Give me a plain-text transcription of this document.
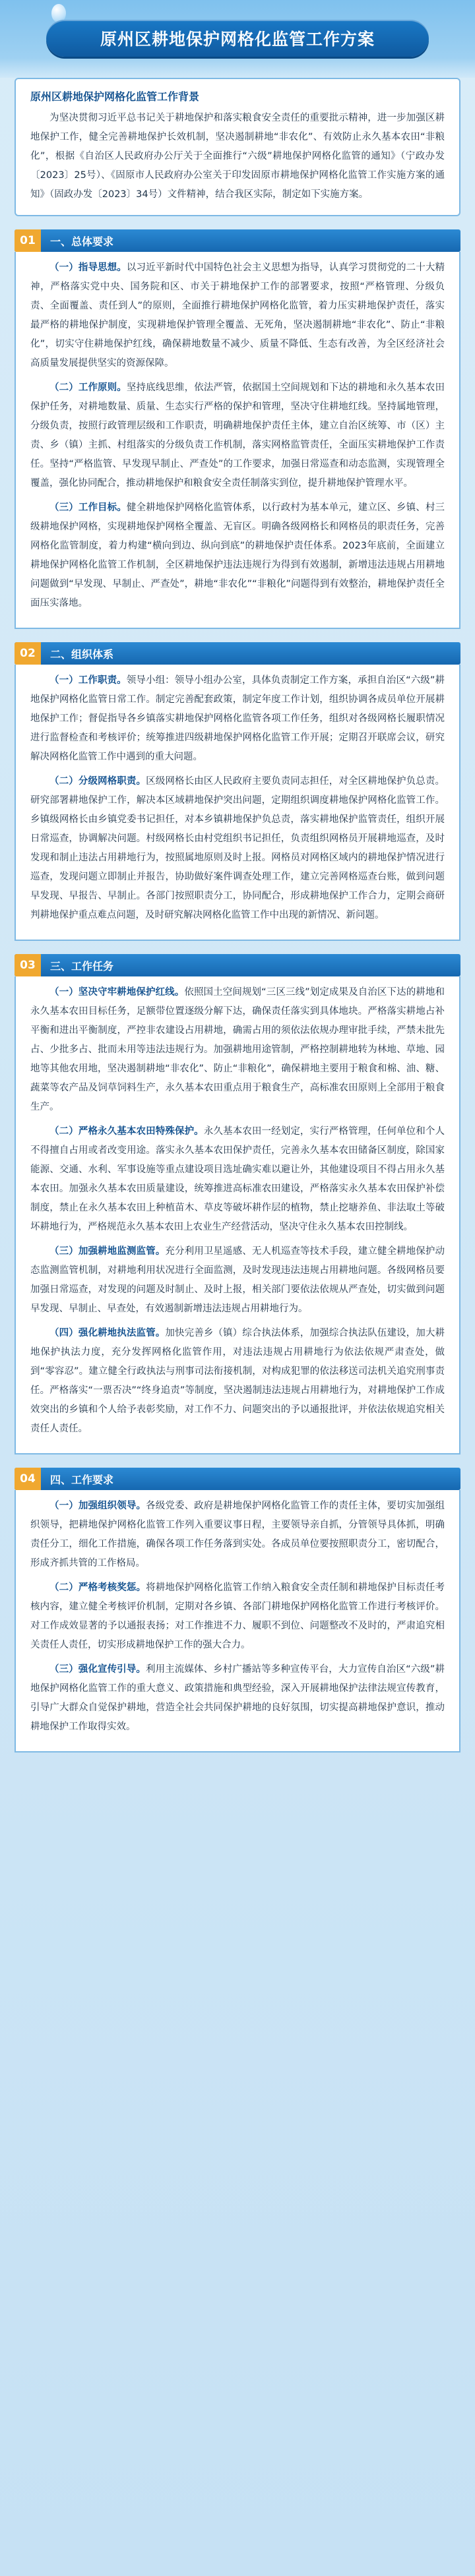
原州区耕地保护网格化监管工作方案
原州区耕地保护网格化监管工作背景
为坚决贯彻习近平总书记关于耕地保护和落实粮食安全责任的重要批示精神，进一步加强区耕地保护工作，健全完善耕地保护长效机制，坚决遏制耕地“非农化”、有效防止永久基本农田“非粮化”，根据《自治区人民政府办公厅关于全面推行“六级”耕地保护网格化监管的通知》（宁政办发〔2023〕25号）、《固原市人民政府办公室关于印发固原市耕地保护网格化监管工作实施方案的通知》（固政办发〔2023〕34号）文件精神，结合我区实际，制定如下实施方案。
01	一、总体要求

（一）指导思想。以习近平新时代中国特色社会主义思想为指导，认真学习贯彻党的二十大精神，严格落实党中央、国务院和区、市关于耕地保护工作的部署要求，按照“严格管理、分级负责、全面覆盖、责任到人”的原则，全面推行耕地保护网格化监管，着力压实耕地保护责任，落实最严格的耕地保护制度，实现耕地保护管理全覆盖、无死角，坚决遏制耕地“非农化”、防止“非粮化”，切实守住耕地保护红线，确保耕地数量不减少、质量不降低、生态有改善，为全区经济社会高质量发展提供坚实的资源保障。

（二）工作原则。坚持底线思维，依法严管，依据国土空间规划和下达的耕地和永久基本农田保护任务，对耕地数量、质量、生态实行严格的保护和管理，坚决守住耕地红线。坚持属地管理，分级负责，按照行政管理层级和工作职责，明确耕地保护责任主体，建立自治区统筹、市（区）主责、乡（镇）主抓、村组落实的分级负责工作机制，落实网格监管责任，全面压实耕地保护工作责任。坚持“严格监管、早发现早制止、严查处”的工作要求，加强日常巡查和动态监测，实现管理全覆盖，强化协同配合，推动耕地保护和粮食安全责任制落实到位，提升耕地保护管理水平。

（三）工作目标。健全耕地保护网格化监管体系，以行政村为基本单元，建立区、乡镇、村三级耕地保护网格，实现耕地保护网格全覆盖、无盲区。明确各级网格长和网格员的职责任务，完善网格化监管制度，着力构建“横向到边、纵向到底”的耕地保护责任体系。2023年底前，全面建立耕地保护网格化监管工作机制，全区耕地保护违法违规行为得到有效遏制，新增违法违规占用耕地问题做到“早发现、早制止、严查处”，耕地“非农化”“非粮化”问题得到有效整治，耕地保护责任全面压实落地。

02	二、组织体系

（一）工作职责。领导小组：领导小组办公室，具体负责制定工作方案，承担自治区“六级”耕地保护网格化监管日常工作。制定完善配套政策，制定年度工作计划，组织协调各成员单位开展耕地保护工作；督促指导各乡镇落实耕地保护网格化监管各项工作任务，组织对各级网格长履职情况进行监督检查和考核评价；统筹推进四级耕地保护网格化监管工作开展；定期召开联席会议，研究解决网格化监管工作中遇到的重大问题。

（二）分级网格职责。区级网格长由区人民政府主要负责同志担任，对全区耕地保护负总责。研究部署耕地保护工作，解决本区域耕地保护突出问题，定期组织调度耕地保护网格化监管工作。乡镇级网格长由乡镇党委书记担任，对本乡镇耕地保护负总责，落实耕地保护监管责任，组织开展日常巡查，协调解决问题。村级网格长由村党组织书记担任，负责组织网格员开展耕地巡查，及时发现和制止违法占用耕地行为，按照属地原则及时上报。网格员对网格区域内的耕地保护情况进行巡查，发现问题立即制止并报告，协助做好案件调查处理工作，建立完善网格巡查台账，做到问题早发现、早报告、早制止。各部门按照职责分工，协同配合，形成耕地保护工作合力，定期会商研判耕地保护重点难点问题，及时研究解决网格化监管工作中出现的新情况、新问题。

03	三、工作任务

（一）坚决守牢耕地保护红线。依照国土空间规划“三区三线”划定成果及自治区下达的耕地和永久基本农田目标任务，足额带位置逐级分解下达，确保责任落实到具体地块。严格落实耕地占补平衡和进出平衡制度，严控非农建设占用耕地，确需占用的须依法依规办理审批手续，严禁未批先占、少批多占、批而未用等违法违规行为。加强耕地用途管制，严格控制耕地转为林地、草地、园地等其他农用地，坚决遏制耕地“非农化”、防止“非粮化”，确保耕地主要用于粮食和棉、油、糖、蔬菜等农产品及饲草饲料生产，永久基本农田重点用于粮食生产，高标准农田原则上全部用于粮食生产。

（二）严格永久基本农田特殊保护。永久基本农田一经划定，实行严格管理，任何单位和个人不得擅自占用或者改变用途。落实永久基本农田保护责任，完善永久基本农田储备区制度，除国家能源、交通、水利、军事设施等重点建设项目选址确实难以避让外，其他建设项目不得占用永久基本农田。加强永久基本农田质量建设，统筹推进高标准农田建设，严格落实永久基本农田保护补偿制度，禁止在永久基本农田上种植苗木、草皮等破坏耕作层的植物，禁止挖塘养鱼、非法取土等破坏耕地行为，严格规范永久基本农田上农业生产经营活动，坚决守住永久基本农田控制线。

（三）加强耕地监测监管。充分利用卫星遥感、无人机巡查等技术手段，建立健全耕地保护动态监测监管机制，对耕地利用状况进行全面监测，及时发现违法违规占用耕地问题。各级网格员要加强日常巡查，对发现的问题及时制止、及时上报，相关部门要依法依规从严查处，切实做到问题早发现、早制止、早查处，有效遏制新增违法违规占用耕地行为。

（四）强化耕地执法监管。加快完善乡（镇）综合执法体系，加强综合执法队伍建设，加大耕地保护执法力度，充分发挥网格化监管作用，对违法违规占用耕地行为依法依规严肃查处，做到“零容忍”。建立健全行政执法与刑事司法衔接机制，对构成犯罪的依法移送司法机关追究刑事责任。严格落实“一票否决”“终身追责”等制度，坚决遏制违法违规占用耕地行为，对耕地保护工作成效突出的乡镇和个人给予表彰奖励，对工作不力、问题突出的予以通报批评，并依法依规追究相关责任人责任。

04	四、工作要求

（一）加强组织领导。各级党委、政府是耕地保护网格化监管工作的责任主体，要切实加强组织领导，把耕地保护网格化监管工作列入重要议事日程，主要领导亲自抓，分管领导具体抓，明确责任分工，细化工作措施，确保各项工作任务落到实处。各成员单位要按照职责分工，密切配合，形成齐抓共管的工作格局。

（二）严格考核奖惩。将耕地保护网格化监管工作纳入粮食安全责任制和耕地保护目标责任考核内容，建立健全考核评价机制，定期对各乡镇、各部门耕地保护网格化监管工作进行考核评价。对工作成效显著的予以通报表扬；对工作推进不力、履职不到位、问题整改不及时的，严肃追究相关责任人责任，切实形成耕地保护工作的强大合力。

（三）强化宣传引导。利用主流媒体、乡村广播站等多种宣传平台，大力宣传自治区“六级”耕地保护网格化监管工作的重大意义、政策措施和典型经验，深入开展耕地保护法律法规宣传教育，引导广大群众自觉保护耕地，营造全社会共同保护耕地的良好氛围，切实提高耕地保护意识，推动耕地保护工作取得实效。
